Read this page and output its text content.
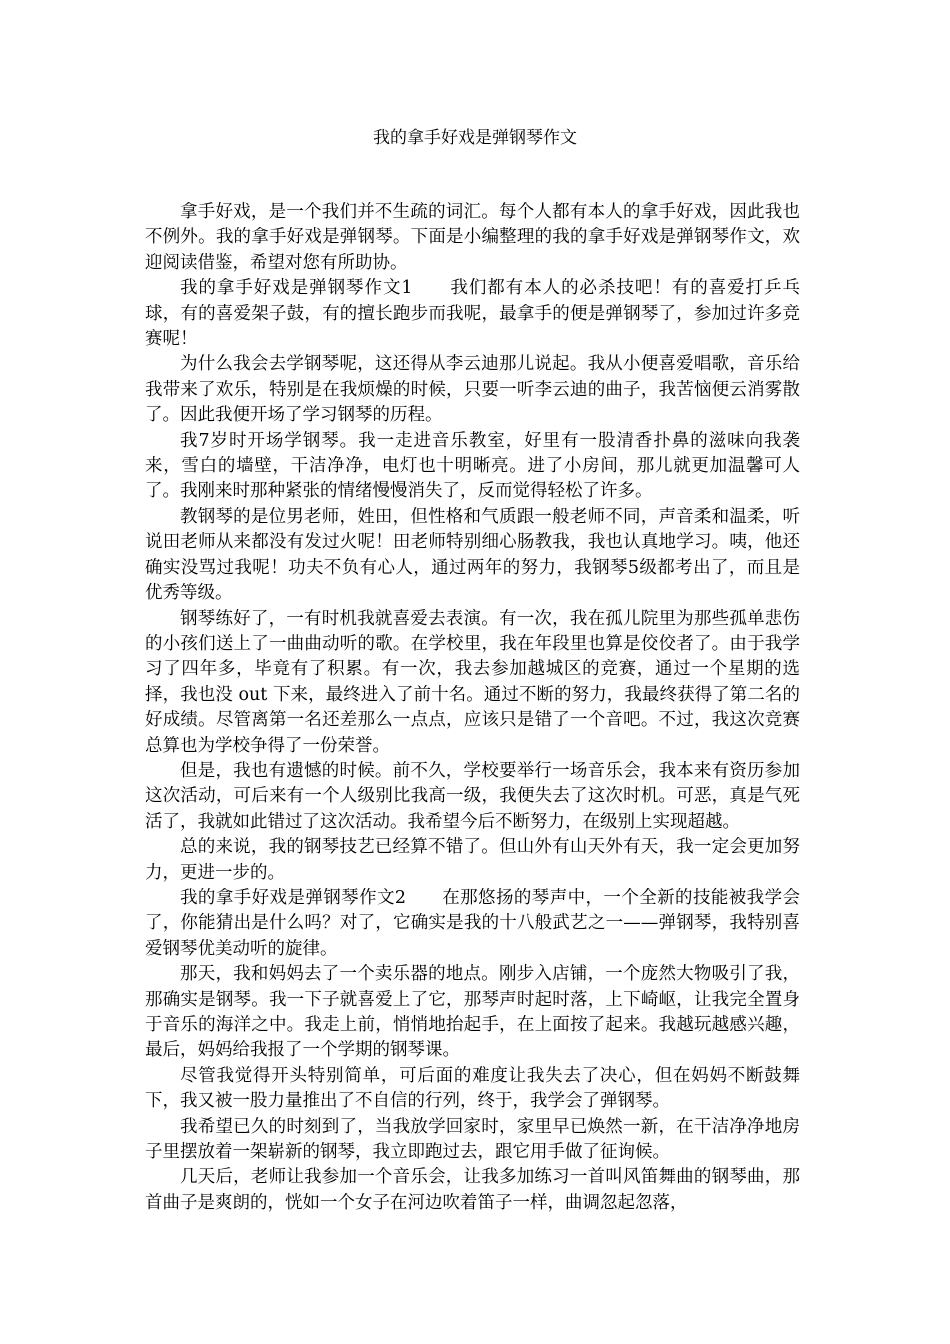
我的拿手好戏是弹钢琴作文

拿手好戏，是一个我们并不生疏的词汇。每个人都有本人的拿手好戏，因此我也不例外。我的拿手好戏是弹钢琴。下面是小编整理的我的拿手好戏是弹钢琴作文，欢迎阅读借鉴，希望对您有所助协。

我的拿手好戏是弹钢琴作文1　　我们都有本人的必杀技吧！有的喜爱打乒乓球，有的喜爱架子鼓，有的擅长跑步而我呢，最拿手的便是弹钢琴了，参加过许多竞赛呢！

为什么我会去学钢琴呢，这还得从李云迪那儿说起。我从小便喜爱唱歌，音乐给我带来了欢乐，特别是在我烦燥的时候，只要一听李云迪的曲子，我苦恼便云消雾散了。因此我便开场了学习钢琴的历程。

我7岁时开场学钢琴。我一走进音乐教室，好里有一股清香扑鼻的滋味向我袭来，雪白的墙壁，干洁净净，电灯也十明晰亮。进了小房间，那儿就更加温馨可人了。我刚来时那种紧张的情绪慢慢消失了，反而觉得轻松了许多。

教钢琴的是位男老师，姓田，但性格和气质跟一般老师不同，声音柔和温柔，听说田老师从来都没有发过火呢！田老师特别细心肠教我，我也认真地学习。咦，他还确实没骂过我呢！功夫不负有心人，通过两年的努力，我钢琴5级都考出了，而且是优秀等级。

钢琴练好了，一有时机我就喜爱去表演。有一次，我在孤儿院里为那些孤单悲伤的小孩们送上了一曲曲动听的歌。在学校里，我在年段里也算是佼佼者了。由于我学习了四年多，毕竟有了积累。有一次，我去参加越城区的竞赛，通过一个星期的选择，我也没 out 下来，最终进入了前十名。通过不断的努力，我最终获得了第二名的好成绩。尽管离第一名还差那么一点点，应该只是错了一个音吧。不过，我这次竞赛总算也为学校争得了一份荣誉。

但是，我也有遗憾的时候。前不久，学校要举行一场音乐会，我本来有资历参加这次活动，可后来有一个人级别比我高一级，我便失去了这次时机。可恶，真是气死活了，我就如此错过了这次活动。我希望今后不断努力，在级别上实现超越。

总的来说，我的钢琴技艺已经算不错了。但山外有山天外有天，我一定会更加努力，更进一步的。

我的拿手好戏是弹钢琴作文2　　在那悠扬的琴声中，一个全新的技能被我学会了，你能猜出是什么吗？对了，它确实是我的十八般武艺之一——弹钢琴，我特别喜爱钢琴优美动听的旋律。

那天，我和妈妈去了一个卖乐器的地点。刚步入店铺，一个庞然大物吸引了我，那确实是钢琴。我一下子就喜爱上了它，那琴声时起时落，上下崎岖，让我完全置身于音乐的海洋之中。我走上前，悄悄地抬起手，在上面按了起来。我越玩越感兴趣，最后，妈妈给我报了一个学期的钢琴课。

尽管我觉得开头特别简单，可后面的难度让我失去了决心，但在妈妈不断鼓舞下，我又被一股力量推出了不自信的行列，终于，我学会了弹钢琴。

我希望已久的时刻到了，当我放学回家时，家里早已焕然一新，在干洁净净地房子里摆放着一架崭新的钢琴，我立即跑过去，跟它用手做了征询候。

几天后，老师让我参加一个音乐会，让我多加练习一首叫风笛舞曲的钢琴曲，那首曲子是爽朗的，恍如一个女子在河边吹着笛子一样，曲调忽起忽落，
